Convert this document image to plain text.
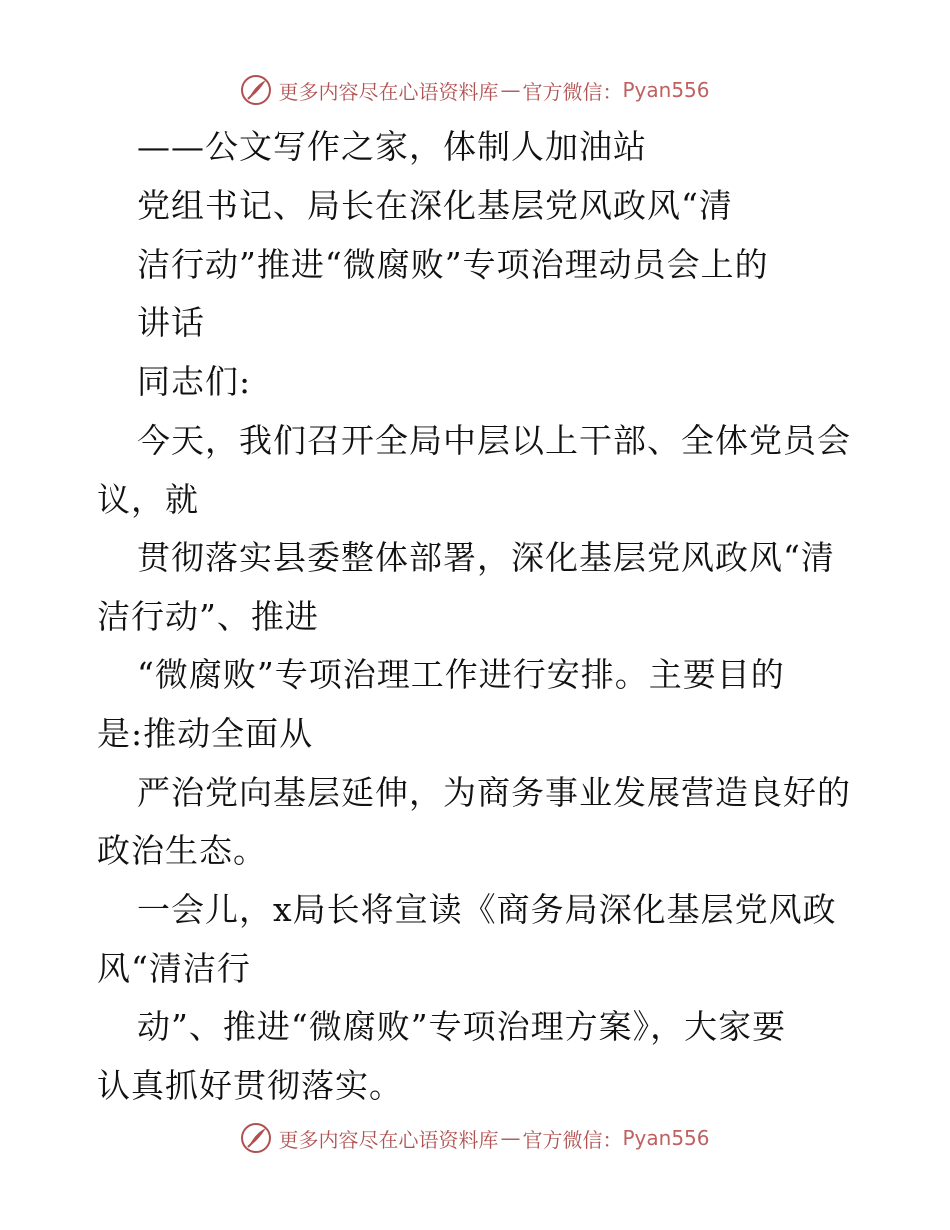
更多内容尽在心语资料库 — 官方微信： Pyan556
——公文写作之家，体制人加油站
党组书记、局长在深化基层党风政风“清
洁行动”推进“微腐败”专项治理动员会上的
讲话
同志们:
今天，我们召开全局中层以上干部、全体党员会
议，就
贯彻落实县委整体部署，深化基层党风政风“清
洁行动”、推进
“微腐败”专项治理工作进行安排。主要目的
是:推动全面从
严治党向基层延伸，为商务事业发展营造良好的
政治生态。
一会儿，x局长将宣读《商务局深化基层党风政
风“清洁行
动”、推进“微腐败”专项治理方案》，大家要
认真抓好贯彻落实。
更多内容尽在心语资料库 — 官方微信： Pyan556
